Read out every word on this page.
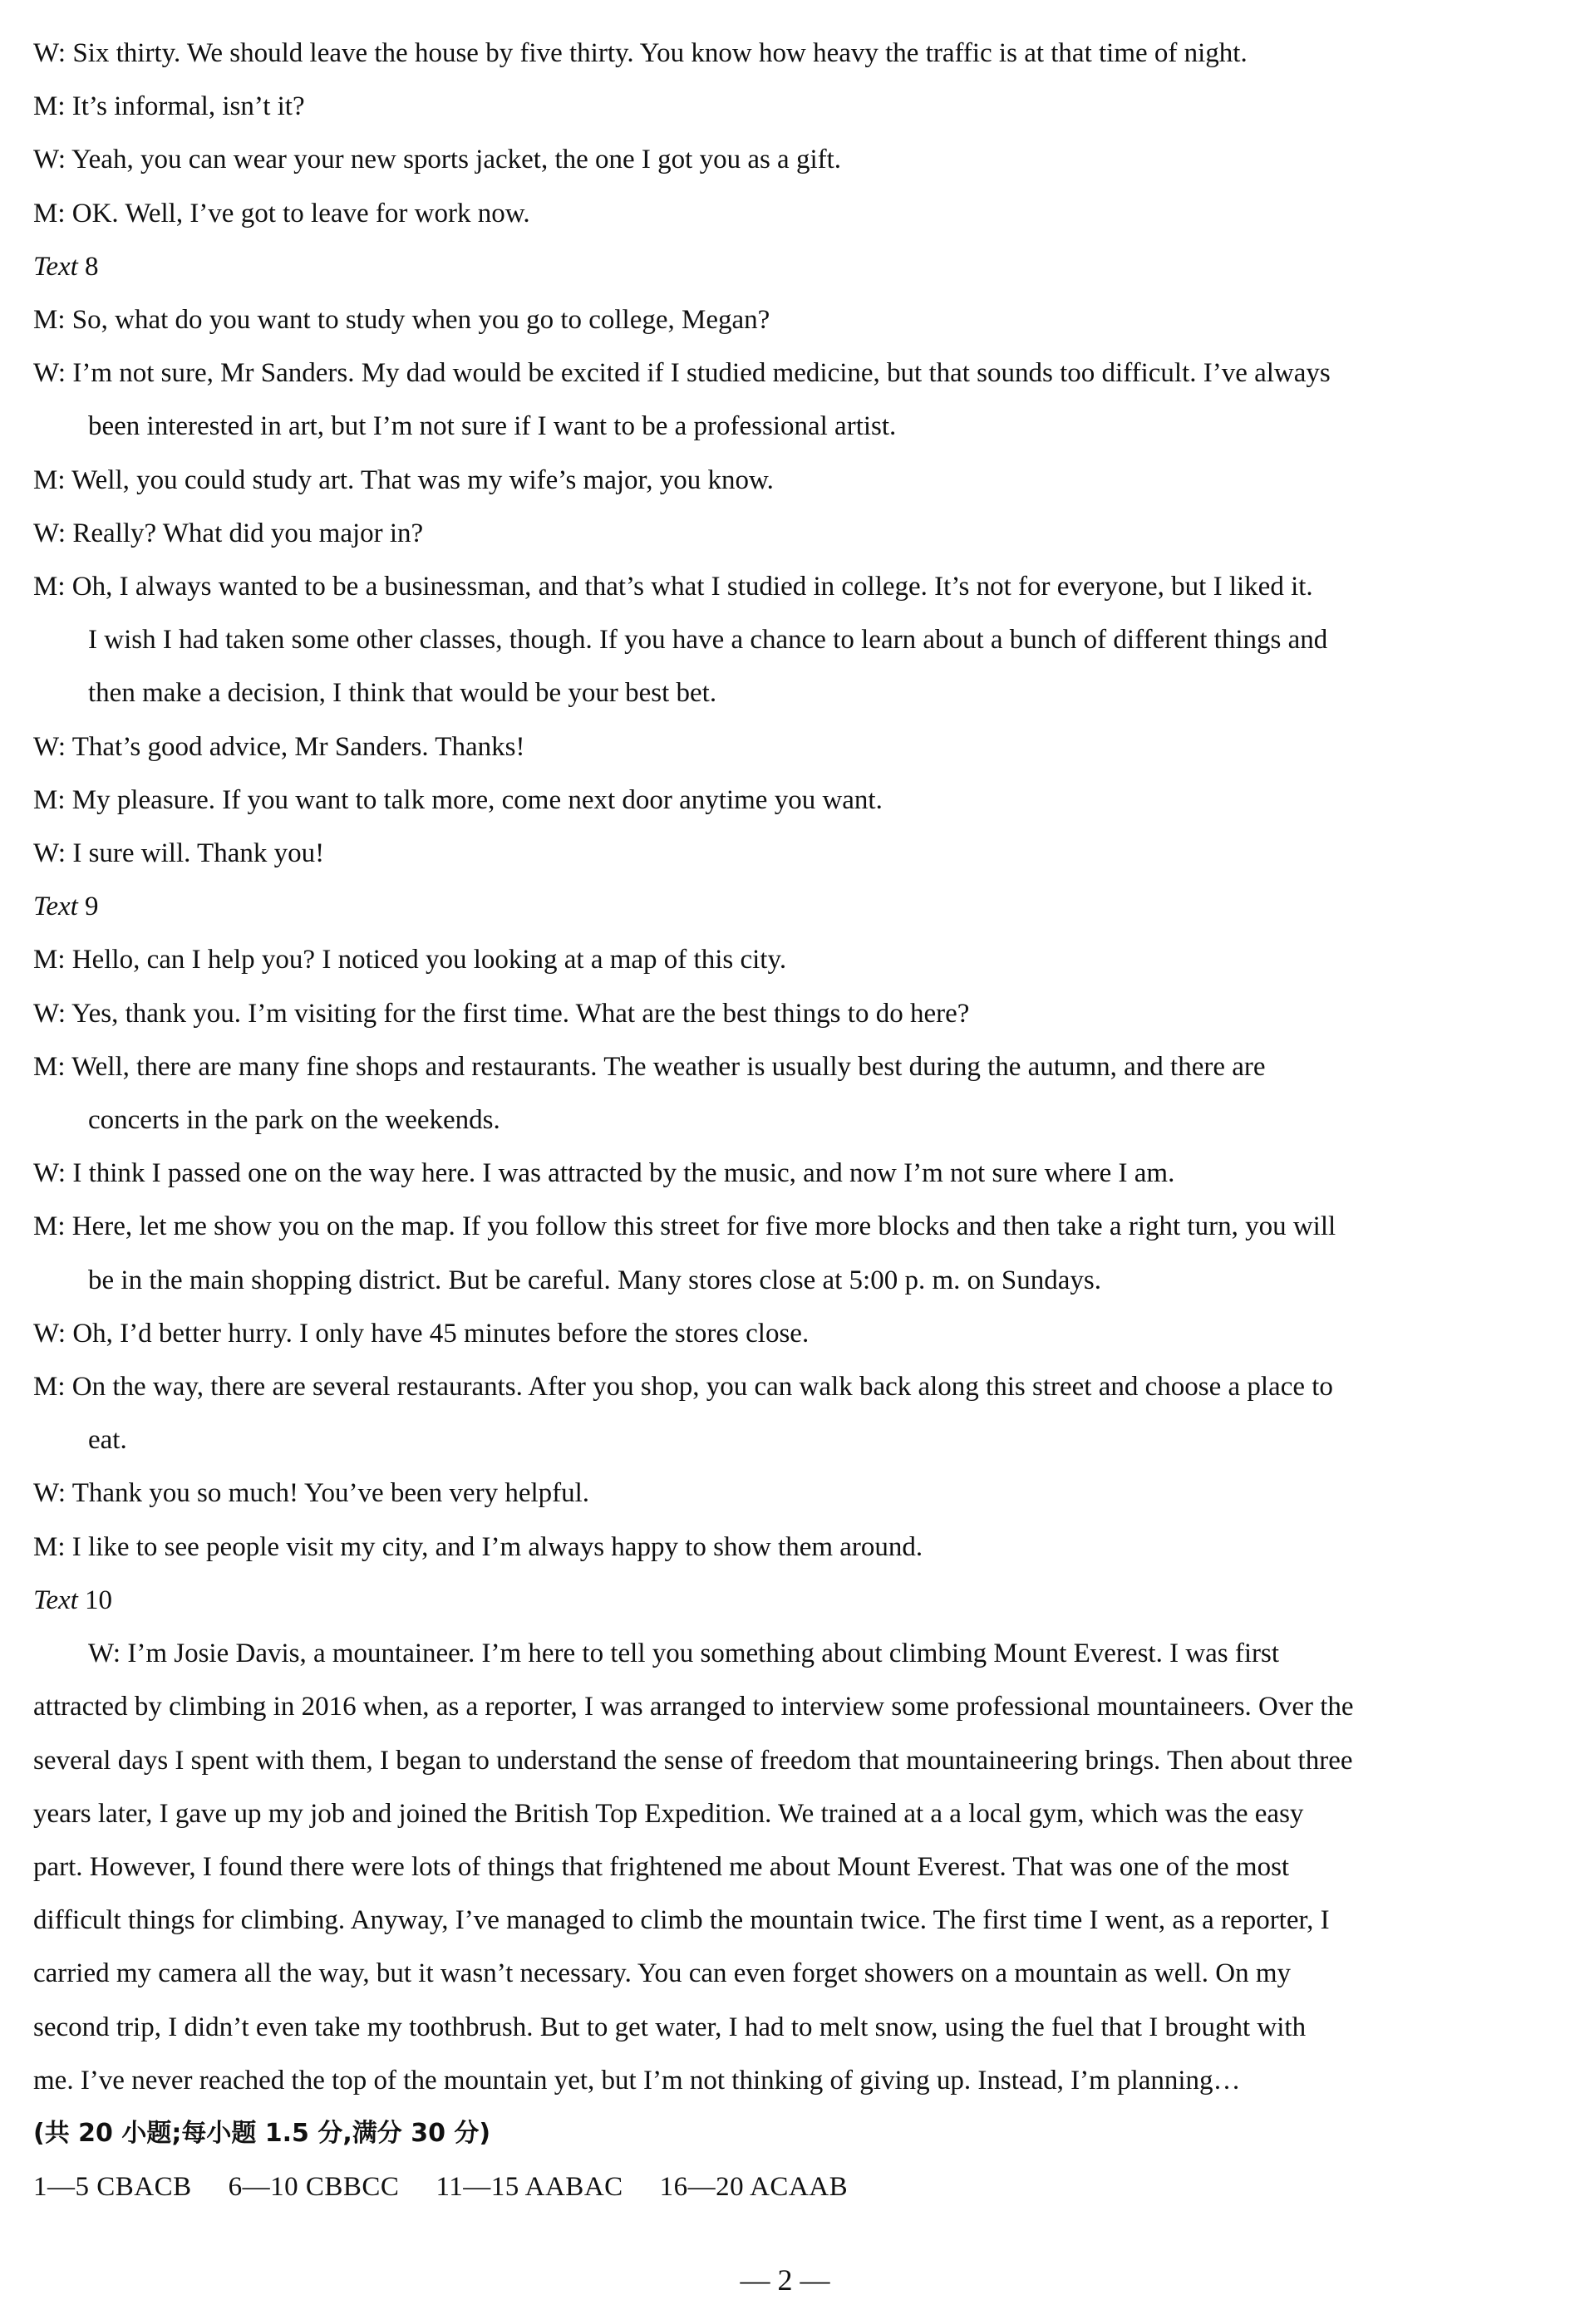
W: Six thirty. We should leave the house by five thirty. You know how heavy the traffic is at that time of night.

M: It’s informal, isn’t it?

W: Yeah, you can wear your new sports jacket, the one I got you as a gift.

M: OK. Well, I’ve got to leave for work now.

Text 8

M: So, what do you want to study when you go to college, Megan?

W: I’m not sure, Mr Sanders. My dad would be excited if I studied medicine, but that sounds too difficult. I’ve always

been interested in art, but I’m not sure if I want to be a professional artist.

M: Well, you could study art. That was my wife’s major, you know.

W: Really? What did you major in?

M: Oh, I always wanted to be a businessman, and that’s what I studied in college. It’s not for everyone, but I liked it.

I wish I had taken some other classes, though. If you have a chance to learn about a bunch of different things and

then make a decision, I think that would be your best bet.

W: That’s good advice, Mr Sanders. Thanks!

M: My pleasure. If you want to talk more, come next door anytime you want.

W: I sure will. Thank you!

Text 9

M: Hello, can I help you? I noticed you looking at a map of this city.

W: Yes, thank you. I’m visiting for the first time. What are the best things to do here?

M: Well, there are many fine shops and restaurants. The weather is usually best during the autumn, and there are

concerts in the park on the weekends.

W: I think I passed one on the way here. I was attracted by the music, and now I’m not sure where I am.

M: Here, let me show you on the map. If you follow this street for five more blocks and then take a right turn, you will

be in the main shopping district. But be careful. Many stores close at 5:00 p. m. on Sundays.

W: Oh, I’d better hurry. I only have 45 minutes before the stores close.

M: On the way, there are several restaurants. After you shop, you can walk back along this street and choose a place to

eat.

W: Thank you so much! You’ve been very helpful.

M: I like to see people visit my city, and I’m always happy to show them around.

Text 10

W: I’m Josie Davis, a mountaineer. I’m here to tell you something about climbing Mount Everest. I was first

attracted by climbing in 2016 when, as a reporter, I was arranged to interview some professional mountaineers. Over the

several days I spent with them, I began to understand the sense of freedom that mountaineering brings. Then about three

years later, I gave up my job and joined the British Top Expedition. We trained at a a local gym, which was the easy

part. However, I found there were lots of things that frightened me about Mount Everest. That was one of the most

difficult things for climbing. Anyway, I’ve managed to climb the mountain twice. The first time I went, as a reporter, I

carried my camera all the way, but it wasn’t necessary. You can even forget showers on a mountain as well. On my

second trip, I didn’t even take my toothbrush. But to get water, I had to melt snow, using the fuel that I brought with

me. I’ve never reached the top of the mountain yet, but I’m not thinking of giving up. Instead, I’m planning…

(共 20 小题;每小题 1.5 分,满分 30 分)

1—5 CBACB 6—10 CBBCC 11—15 AABAC 16—20 ACAAB

— 2 —
